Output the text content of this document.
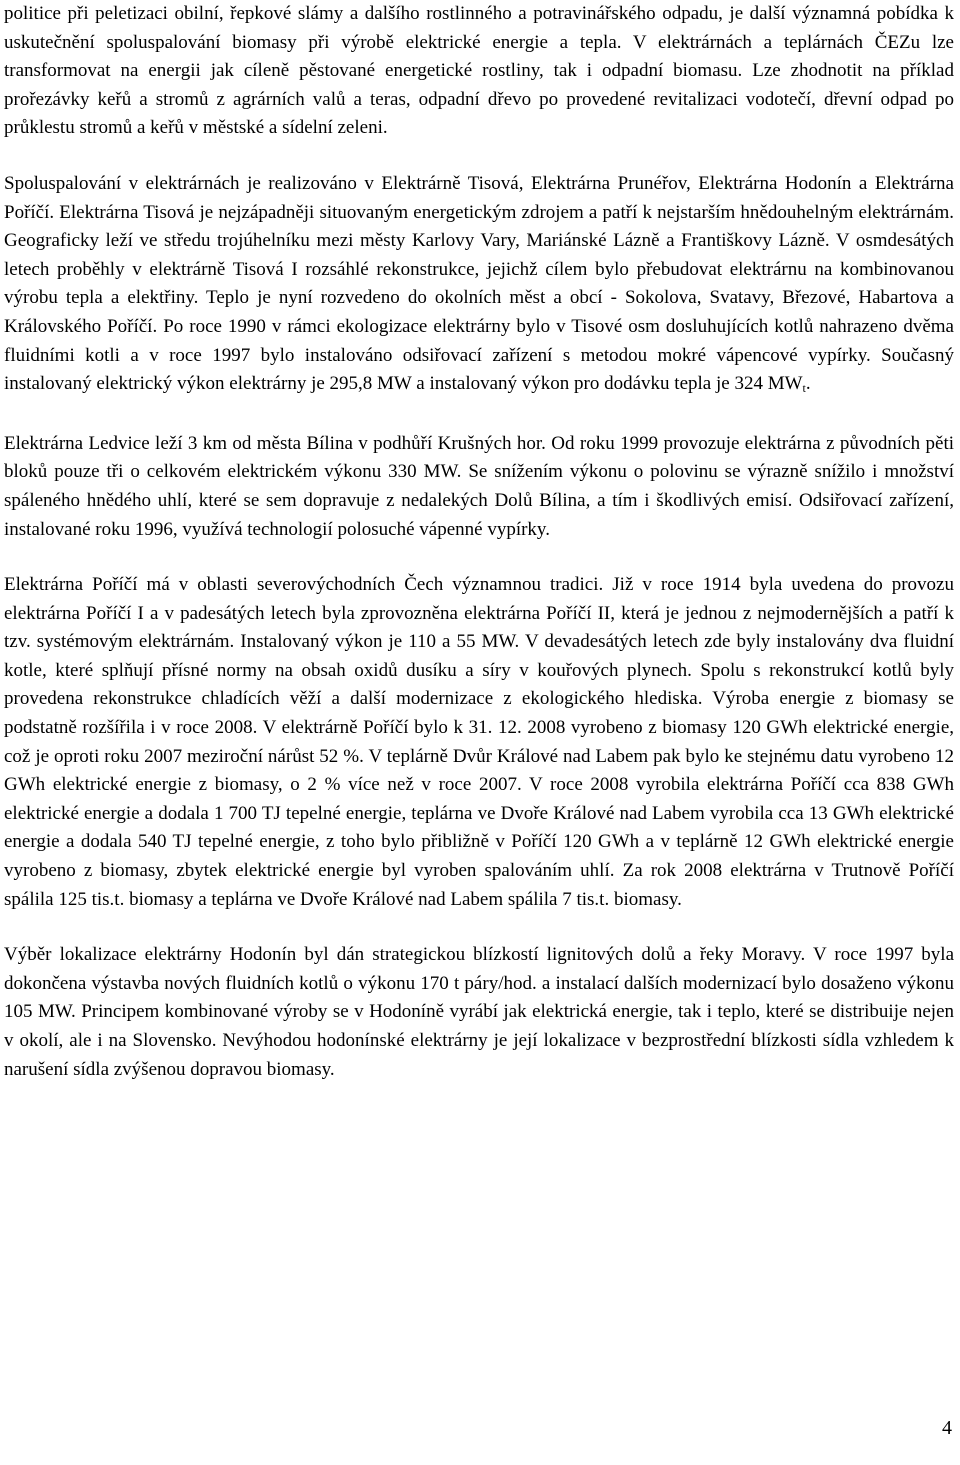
politice při peletizaci obilní, řepkové slámy a dalšího rostlinného a potravinářského odpadu, je další významná pobídka k uskutečnění spoluspalování biomasy při výrobě elektrické energie a tepla. V elektrárnách a teplárnách ČEZu lze transformovat na energii jak cíleně pěstované energetické rostliny, tak i odpadní biomasu. Lze zhodnotit na příklad prořezávky keřů a stromů z agrárních valů a teras, odpadní dřevo po provedené revitalizaci vodotečí, dřevní odpad po průklestu stromů a keřů v městské a sídelní zeleni.

Spoluspalování v elektrárnách je realizováno v Elektrárně Tisová, Elektrárna Prunéřov, Elektrárna Hodonín a Elektrárna Poříčí. Elektrárna Tisová je nejzápadněji situovaným energetickým zdrojem a patří k nejstarším hnědouhelným elektrárnám. Geograficky leží ve středu trojúhelníku mezi městy Karlovy Vary, Mariánské Lázně a Františkovy Lázně. V osmdesátých letech proběhly v elektrárně Tisová I rozsáhlé rekonstrukce, jejichž cílem bylo přebudovat elektrárnu na kombinovanou výrobu tepla a elektřiny. Teplo je nyní rozvedeno do okolních měst a obcí - Sokolova, Svatavy, Březové, Habartova a Královského Poříčí. Po roce 1990 v rámci ekologizace elektrárny bylo v Tisové osm dosluhujících kotlů nahrazeno dvěma fluidními kotli a v roce 1997 bylo instalováno odsiřovací zařízení s metodou mokré vápencové vypírky. Současný instalovaný elektrický výkon elektrárny je 295,8 MW a instalovaný výkon pro dodávku tepla je 324 $MW_t$.

Elektrárna Ledvice leží 3 km od města Bílina v podhůří Krušných hor. Od roku 1999 provozuje elektrárna z původních pěti bloků pouze tři o celkovém elektrickém výkonu 330 MW. Se snížením výkonu o polovinu se výrazně snížilo i množství spáleného hnědého uhlí, které se sem dopravuje z nedalekých Dolů Bílina, a tím i škodlivých emisí. Odsiřovací zařízení, instalované roku 1996, využívá technologií polosuché vápenné vypírky.

Elektrárna Poříčí má v oblasti severovýchodních Čech významnou tradici. Již v roce 1914 byla uvedena do provozu elektrárna Poříčí I a v padesátých letech byla zprovozněna elektrárna Poříčí II, která je jednou z nejmodernějších a patří k tzv. systémovým elektrárnám. Instalovaný výkon je 110 a 55 MW. V devadesátých letech zde byly instalovány dva fluidní kotle, které splňují přísné normy na obsah oxidů dusíku a síry v kouřových plynech. Spolu s rekonstrukcí kotlů byly provedena rekonstrukce chladících věží a další modernizace z ekologického hlediska. Výroba energie z biomasy se podstatně rozšířila i v roce 2008. V elektrárně Poříčí bylo k 31. 12. 2008 vyrobeno z biomasy 120 GWh elektrické energie, což je oproti roku 2007 meziroční nárůst 52 %. V teplárně Dvůr Králové nad Labem pak bylo ke stejnému datu vyrobeno 12 GWh elektrické energie z biomasy, o 2 % více než v roce 2007. V roce 2008 vyrobila elektrárna Poříčí cca 838 GWh elektrické energie a dodala 1 700 TJ tepelné energie, teplárna ve Dvoře Králové nad Labem vyrobila cca 13 GWh elektrické energie a dodala 540 TJ tepelné energie, z toho bylo přibližně v Poříčí 120 GWh a v teplárně 12 GWh elektrické energie vyrobeno z biomasy, zbytek elektrické energie byl vyroben spalováním uhlí. Za rok 2008 elektrárna v Trutnově Poříčí spálila 125 tis.t. biomasy a teplárna ve Dvoře Králové nad Labem spálila 7 tis.t. biomasy.

Výběr lokalizace elektrárny Hodonín byl dán strategickou blízkostí lignitových dolů a řeky Moravy. V roce 1997 byla dokončena výstavba nových fluidních kotlů o výkonu 170 t páry/hod. a instalací dalších modernizací bylo dosaženo výkonu 105 MW. Principem kombinované výroby se v Hodoníně vyrábí jak elektrická energie, tak i teplo, které se distribuije nejen v okolí, ale i na Slovensko. Nevýhodou hodonínské elektrárny je její lokalizace v bezprostřední blízkosti sídla vzhledem k narušení sídla zvýšenou dopravou biomasy.

4
